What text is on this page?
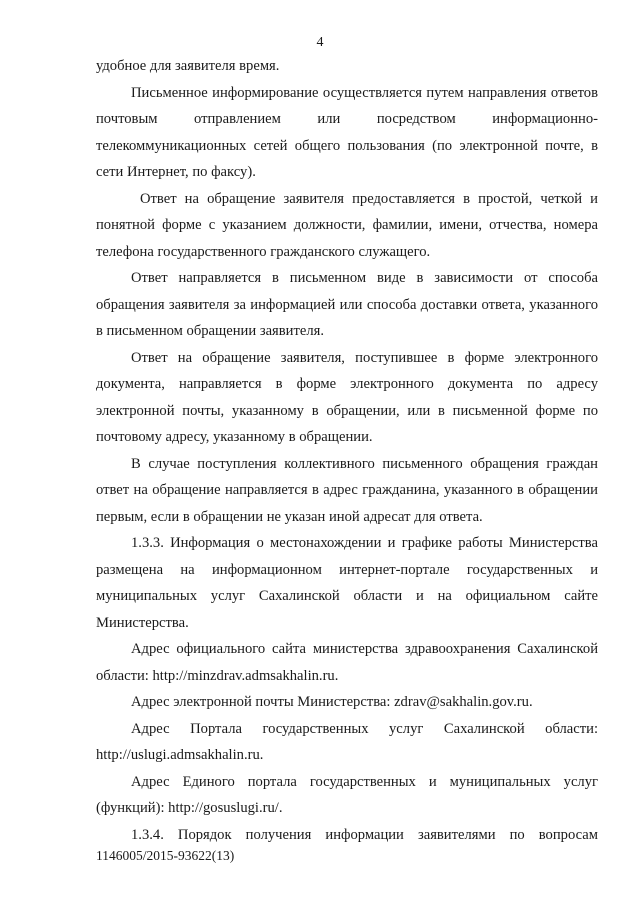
4

удобное для заявителя время.

Письменное информирование осуществляется путем направления ответов почтовым отправлением или посредством информационно-телекоммуникационных сетей общего пользования (по электронной почте, в сети Интернет, по факсу).

Ответ на обращение заявителя предоставляется в простой, четкой и понятной форме с указанием должности, фамилии, имени, отчества, номера телефона государственного гражданского служащего.

Ответ направляется в письменном виде в зависимости от способа обращения заявителя за информацией или способа доставки ответа, указанного в письменном обращении заявителя.

Ответ на обращение заявителя, поступившее в форме электронного документа, направляется в форме электронного документа по адресу электронной почты, указанному в обращении, или в письменной форме по почтовому адресу, указанному в обращении.

В случае поступления коллективного письменного обращения граждан ответ на обращение направляется в адрес гражданина, указанного в обращении первым, если в обращении не указан иной адресат для ответа.

1.3.3. Информация о местонахождении и графике работы Министерства размещена на информационном интернет-портале государственных и муниципальных услуг Сахалинской области и на официальном сайте Министерства.

Адрес официального сайта министерства здравоохранения Сахалинской области: http://minzdrav.admsakhalin.ru.

Адрес электронной почты Министерства: zdrav@sakhalin.gov.ru.

Адрес Портала государственных услуг Сахалинской области: http://uslugi.admsakhalin.ru.

Адрес Единого портала государственных и муниципальных услуг (функций): http://gosuslugi.ru/.

1.3.4. Порядок получения информации заявителями по вопросам

1146005/2015-93622(13)
